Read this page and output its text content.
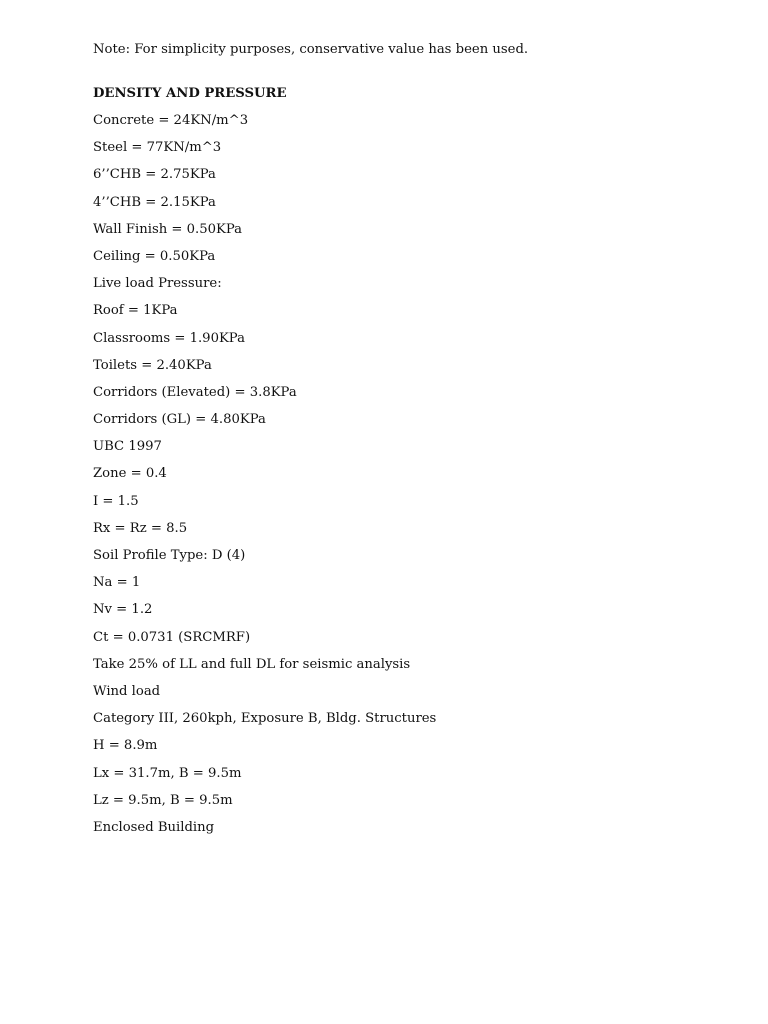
Note: For simplicity purposes, conservative value has been used.
DENSITY AND PRESSURE
Concrete = 24KN/m^3
Steel = 77KN/m^3
6’’CHB = 2.75KPa
4’’CHB = 2.15KPa
Wall Finish = 0.50KPa
Ceiling = 0.50KPa
Live load Pressure:
Roof = 1KPa
Classrooms = 1.90KPa
Toilets = 2.40KPa
Corridors (Elevated) = 3.8KPa
Corridors (GL) = 4.80KPa
UBC 1997
Zone = 0.4
I = 1.5
Rx = Rz = 8.5
Soil Profile Type: D (4)
Na = 1
Nv = 1.2
Ct = 0.0731 (SRCMRF)
Take 25% of LL and full DL for seismic analysis
Wind load
Category III, 260kph, Exposure B, Bldg. Structures
H = 8.9m
Lx = 31.7m, B = 9.5m
Lz = 9.5m, B = 9.5m
Enclosed Building
